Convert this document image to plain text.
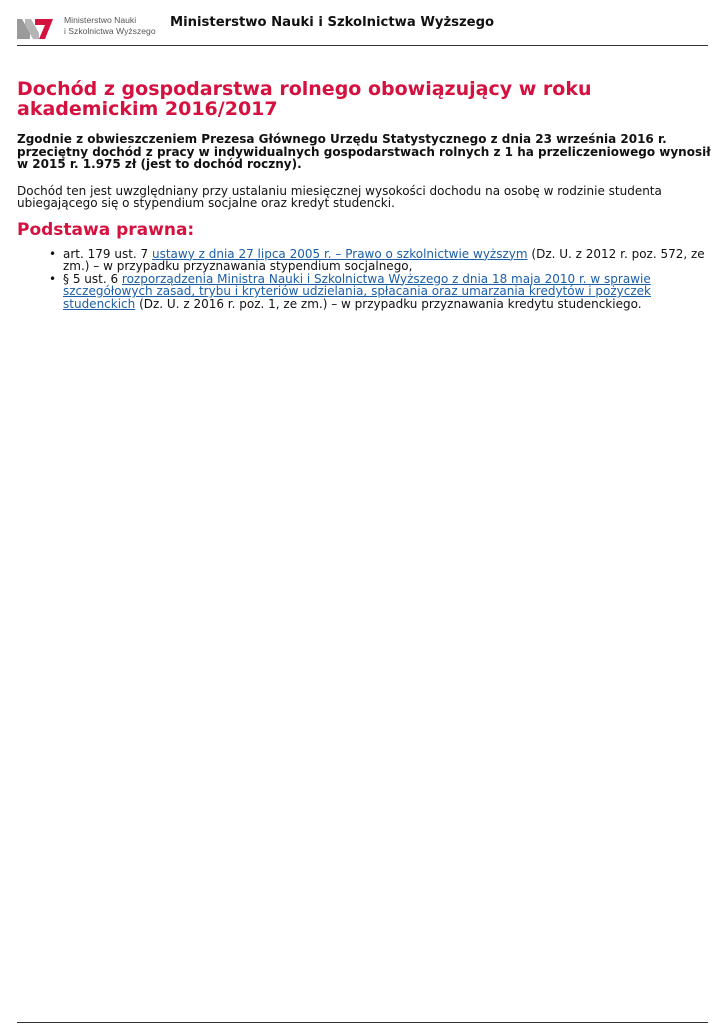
Ministerstwo Nauki
i Szkolnictwa Wyższego
Ministerstwo Nauki i Szkolnictwa Wyższego
Dochód z gospodarstwa rolnego obowiązujący w roku akademickim 2016/2017

Zgodnie z obwieszczeniem Prezesa Głównego Urzędu Statystycznego z dnia 23 września 2016 r. przeciętny dochód z pracy w indywidualnych gospodarstwach rolnych z 1 ha przeliczeniowego wynosił w 2015 r. 1.975 zł (jest to dochód roczny).

Dochód ten jest uwzględniany przy ustalaniu miesięcznej wysokości dochodu na osobę w rodzinie studenta ubiegającego się o stypendium socjalne oraz kredyt studencki.

Podstawa prawna:
• art. 179 ust. 7 ustawy z dnia 27 lipca 2005 r. – Prawo o szkolnictwie wyższym (Dz. U. z 2012 r. poz. 572, ze zm.) – w przypadku przyznawania stypendium socjalnego,
• § 5 ust. 6 rozporządzenia Ministra Nauki i Szkolnictwa Wyższego z dnia 18 maja 2010 r. w sprawie szczegółowych zasad, trybu i kryteriów udzielania, spłacania oraz umarzania kredytów i pożyczek studenckich (Dz. U. z 2016 r. poz. 1, ze zm.) – w przypadku przyznawania kredytu studenckiego.
